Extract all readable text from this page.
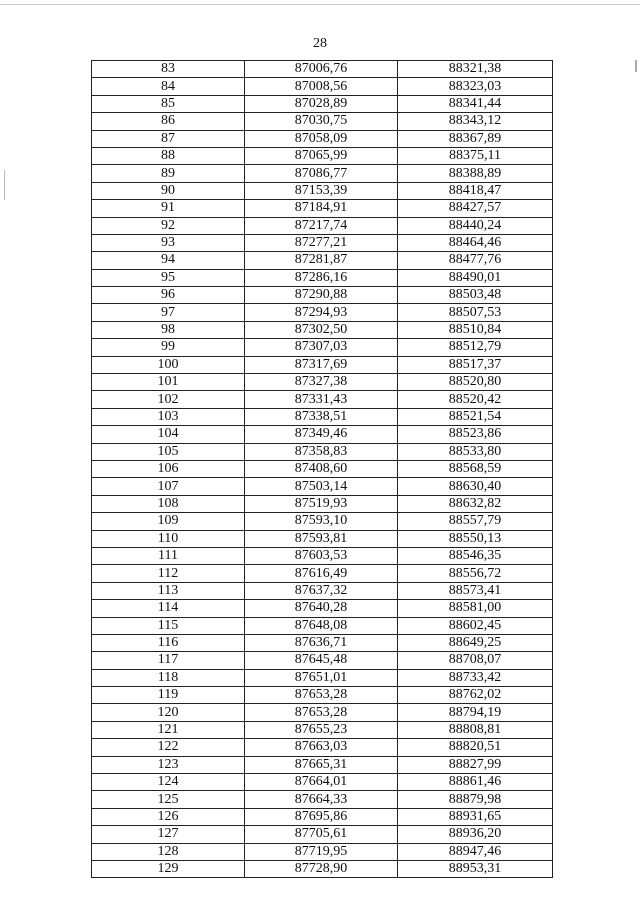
28
83	87006,76	88321,38
84	87008,56	88323,03
85	87028,89	88341,44
86	87030,75	88343,12
87	87058,09	88367,89
88	87065,99	88375,11
89	87086,77	88388,89
90	87153,39	88418,47
91	87184,91	88427,57
92	87217,74	88440,24
93	87277,21	88464,46
94	87281,87	88477,76
95	87286,16	88490,01
96	87290,88	88503,48
97	87294,93	88507,53
98	87302,50	88510,84
99	87307,03	88512,79
100	87317,69	88517,37
101	87327,38	88520,80
102	87331,43	88520,42
103	87338,51	88521,54
104	87349,46	88523,86
105	87358,83	88533,80
106	87408,60	88568,59
107	87503,14	88630,40
108	87519,93	88632,82
109	87593,10	88557,79
110	87593,81	88550,13
111	87603,53	88546,35
112	87616,49	88556,72
113	87637,32	88573,41
114	87640,28	88581,00
115	87648,08	88602,45
116	87636,71	88649,25
117	87645,48	88708,07
118	87651,01	88733,42
119	87653,28	88762,02
120	87653,28	88794,19
121	87655,23	88808,81
122	87663,03	88820,51
123	87665,31	88827,99
124	87664,01	88861,46
125	87664,33	88879,98
126	87695,86	88931,65
127	87705,61	88936,20
128	87719,95	88947,46
129	87728,90	88953,31
